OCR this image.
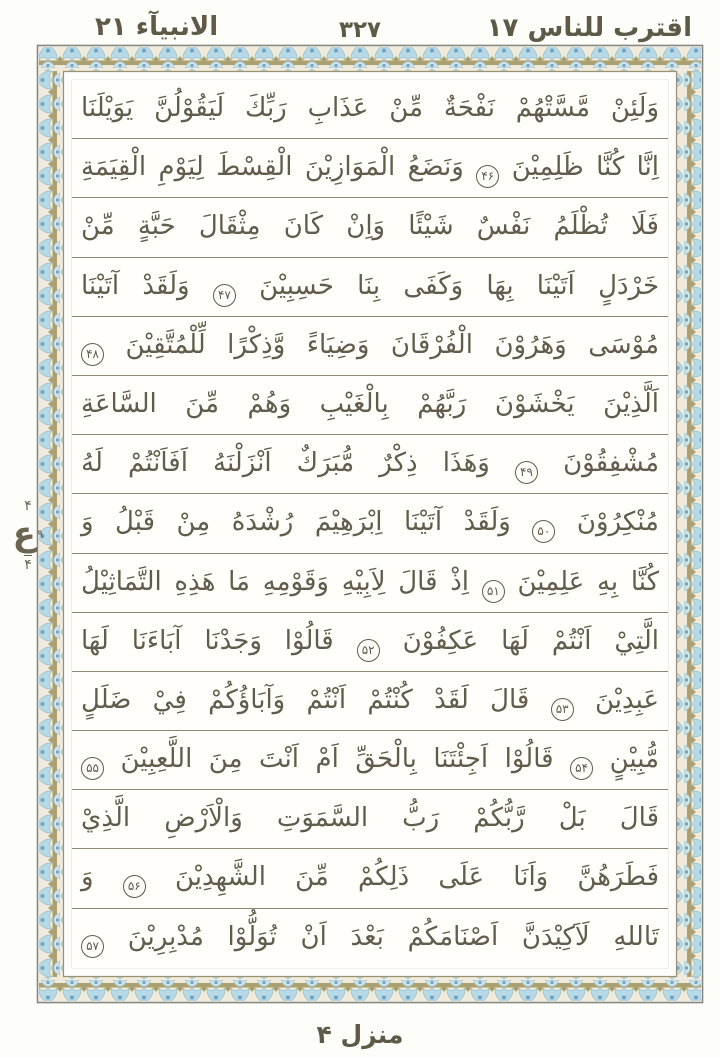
اقترب للناس ١٧
٣٢٧
الانبيآء ٢١
وَلَئِنْ مَّسَّتْهُمْ نَفْحَةٌ مِّنْ عَذَابِ رَبِّكَ لَيَقُوْلُنَّ يَوَيْلَنَا
اِنَّا كُنَّا ظَلِمِيْنَ ۴۶ وَنَضَعُ الْمَوَازِيْنَ الْقِسْطَ لِيَوْمِ الْقِيَمَةِ
فَلَا تُظْلَمُ نَفْسٌ شَيْئًا وَاِنْ كَانَ مِثْقَالَ حَبَّةٍ مِّنْ
خَرْدَلٍ اَتَيْنَا بِهَا وَكَفَى بِنَا حَسِبِيْنَ ۴۷ وَلَقَدْ آتَيْنَا
مُوْسَى وَهَرُوْنَ الْفُرْقَانَ وَضِيَاءً وَّذِكْرًا لِّلْمُتَّقِيْنَ ۴۸
اَلَّذِيْنَ يَخْشَوْنَ رَبَّهُمْ بِالْغَيْبِ وَهُمْ مِّنَ السَّاعَةِ
مُشْفِقُوْنَ ۴۹ وَهَذَا ذِكْرٌ مُّبَرَكٌ اَنْزَلْنَهُ اَفَاَنْتُمْ لَهُ
مُنْكِرُوْنَ ۵۰ وَلَقَدْ آتَيْنَا اِبْرَهِيْمَ رُشْدَهُ مِنْ قَبْلُ وَ
كُنَّا بِهِ عَلِمِيْنَ ۵۱ اِذْ قَالَ لِاَبِيْهِ وَقَوْمِهِ مَا هَذِهِ التَّمَاثِيْلُ
الَّتِيْ اَنْتُمْ لَهَا عَكِفُوْنَ ۵۲ قَالُوْا وَجَدْنَا آبَاءَنَا لَهَا
عَبِدِيْنَ ۵۳ قَالَ لَقَدْ كُنْتُمْ اَنْتُمْ وَآبَاؤُكُمْ فِيْ ضَلَلٍ
مُّبِيْنٍ ۵۴ قَالُوْا اَجِئْتَنَا بِالْحَقِّ اَمْ اَنْتَ مِنَ اللَّعِبِيْنَ ۵۵
قَالَ بَلْ رَّبُّكُمْ رَبُّ السَّمَوَتِ وَالْاَرْضِ الَّذِيْ
فَطَرَهُنَّ وَاَنَا عَلَى ذَلِكُمْ مِّنَ الشَّهِدِيْنَ ۵۶ وَ
تَاللهِ لَاَكِيْدَنَّ اَصْنَامَكُمْ بَعْدَ اَنْ تُوَلُّوْا مُدْبِرِيْنَ ۵۷
۴
۹
ع
۴
منزل ۴
